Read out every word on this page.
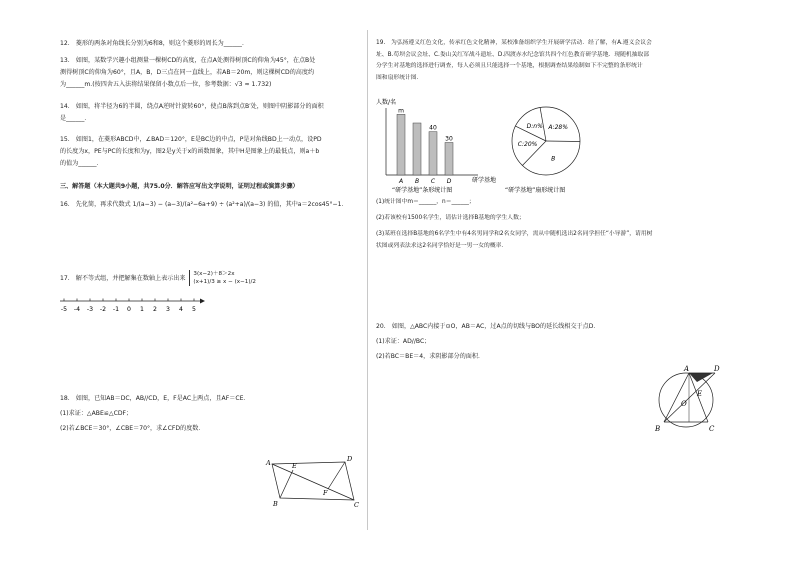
12.　菱形的两条对角线长分别为6和8，则这个菱形的周长为______．

13.　如图，某数学兴趣小组测量一棵树CD的高度，在点A处测得树顶C的仰角为45°，在点B处

测得树顶C的仰角为60°，且A，B，D三点在同一直线上，若AB＝20m，则这棵树CD的高度约

为______m.(按四舍五入法将结果保留小数点后一位，参考数据：√3 ≈ 1.732)

14.　如图，将半径为6的半圆，绕点A逆时针旋转60°，使点B落到点B′处，则图中阴影部分的面积

是______．

15.　如图1，在菱形ABCD中，∠BAD＝120°，E是BC边的中点，P是对角线BD上一动点，设PD

的长度为x，PE与PC的长度和为y，图2是y关于x的函数图象，其中H是图象上的最低点，则a＋b

的值为______．

三、解答题（本大题共9小题，共75.0分．解答应写出文字说明，证明过程或演算步骤）

16.　先化简，再求代数式 1/(a−3) − (a−3)/(a²−6a+9) ÷ (a²+a)/(a−3) 的值，其中a＝2cos45°−1．

17.　解不等式组，并把解集在数轴上表示出来 3(x−2)＋8＞2x
(x+1)/3 ≥ x − (x−1)/2
-5 -4 -3 -2 -1 0 1 2 3 4 5

18.　如图，已知AB＝DC，AB//CD，E，F是AC上两点，且AF＝CE．

(1)求证：△ABE≌△CDF；

(2)若∠BCE＝30°，∠CBE＝70°，求∠CFD的度数．

A	D
B	C
E
F

19.　为弘扬遵义红色文化，传承红色文化精神，某校准备组织学生开展研学活动．经了解，有A.遵义会议会

址、B.苟坝会议会址、C.娄山关红军战斗遗址、D.四渡赤水纪念馆共四个红色教育研学基地．现随机抽取部

分学生对基地的选择进行调查，每人必须且只能选择一个基地，根据调查结果绘制如下不完整的条形统计

图和扇形统计图．

人数/名
m
A B
40
C
30
D	研学基地
“研学基地”条形统计图
A:28%
B
C:20%
D:n%
“研学基地”扇形统计图

(1)统计图中m＝______，n＝______；

(2)若该校有1500名学生，请估计选择B基地的学生人数；

(3)某班在选择B基地的6名学生中有4名男同学和2名女同学，需从中随机选出2名同学担任“小导游”，请用树

状图或列表法求这2名同学恰好是一男一女的概率．

20.　如图，△ABC内接于⊙O，AB＝AC，过A点的切线与BO的延长线相交于点D．

(1)求证：AD//BC；

(2)若BC＝BE＝4，求阴影部分的面积．

A	D
B	C
O
E
